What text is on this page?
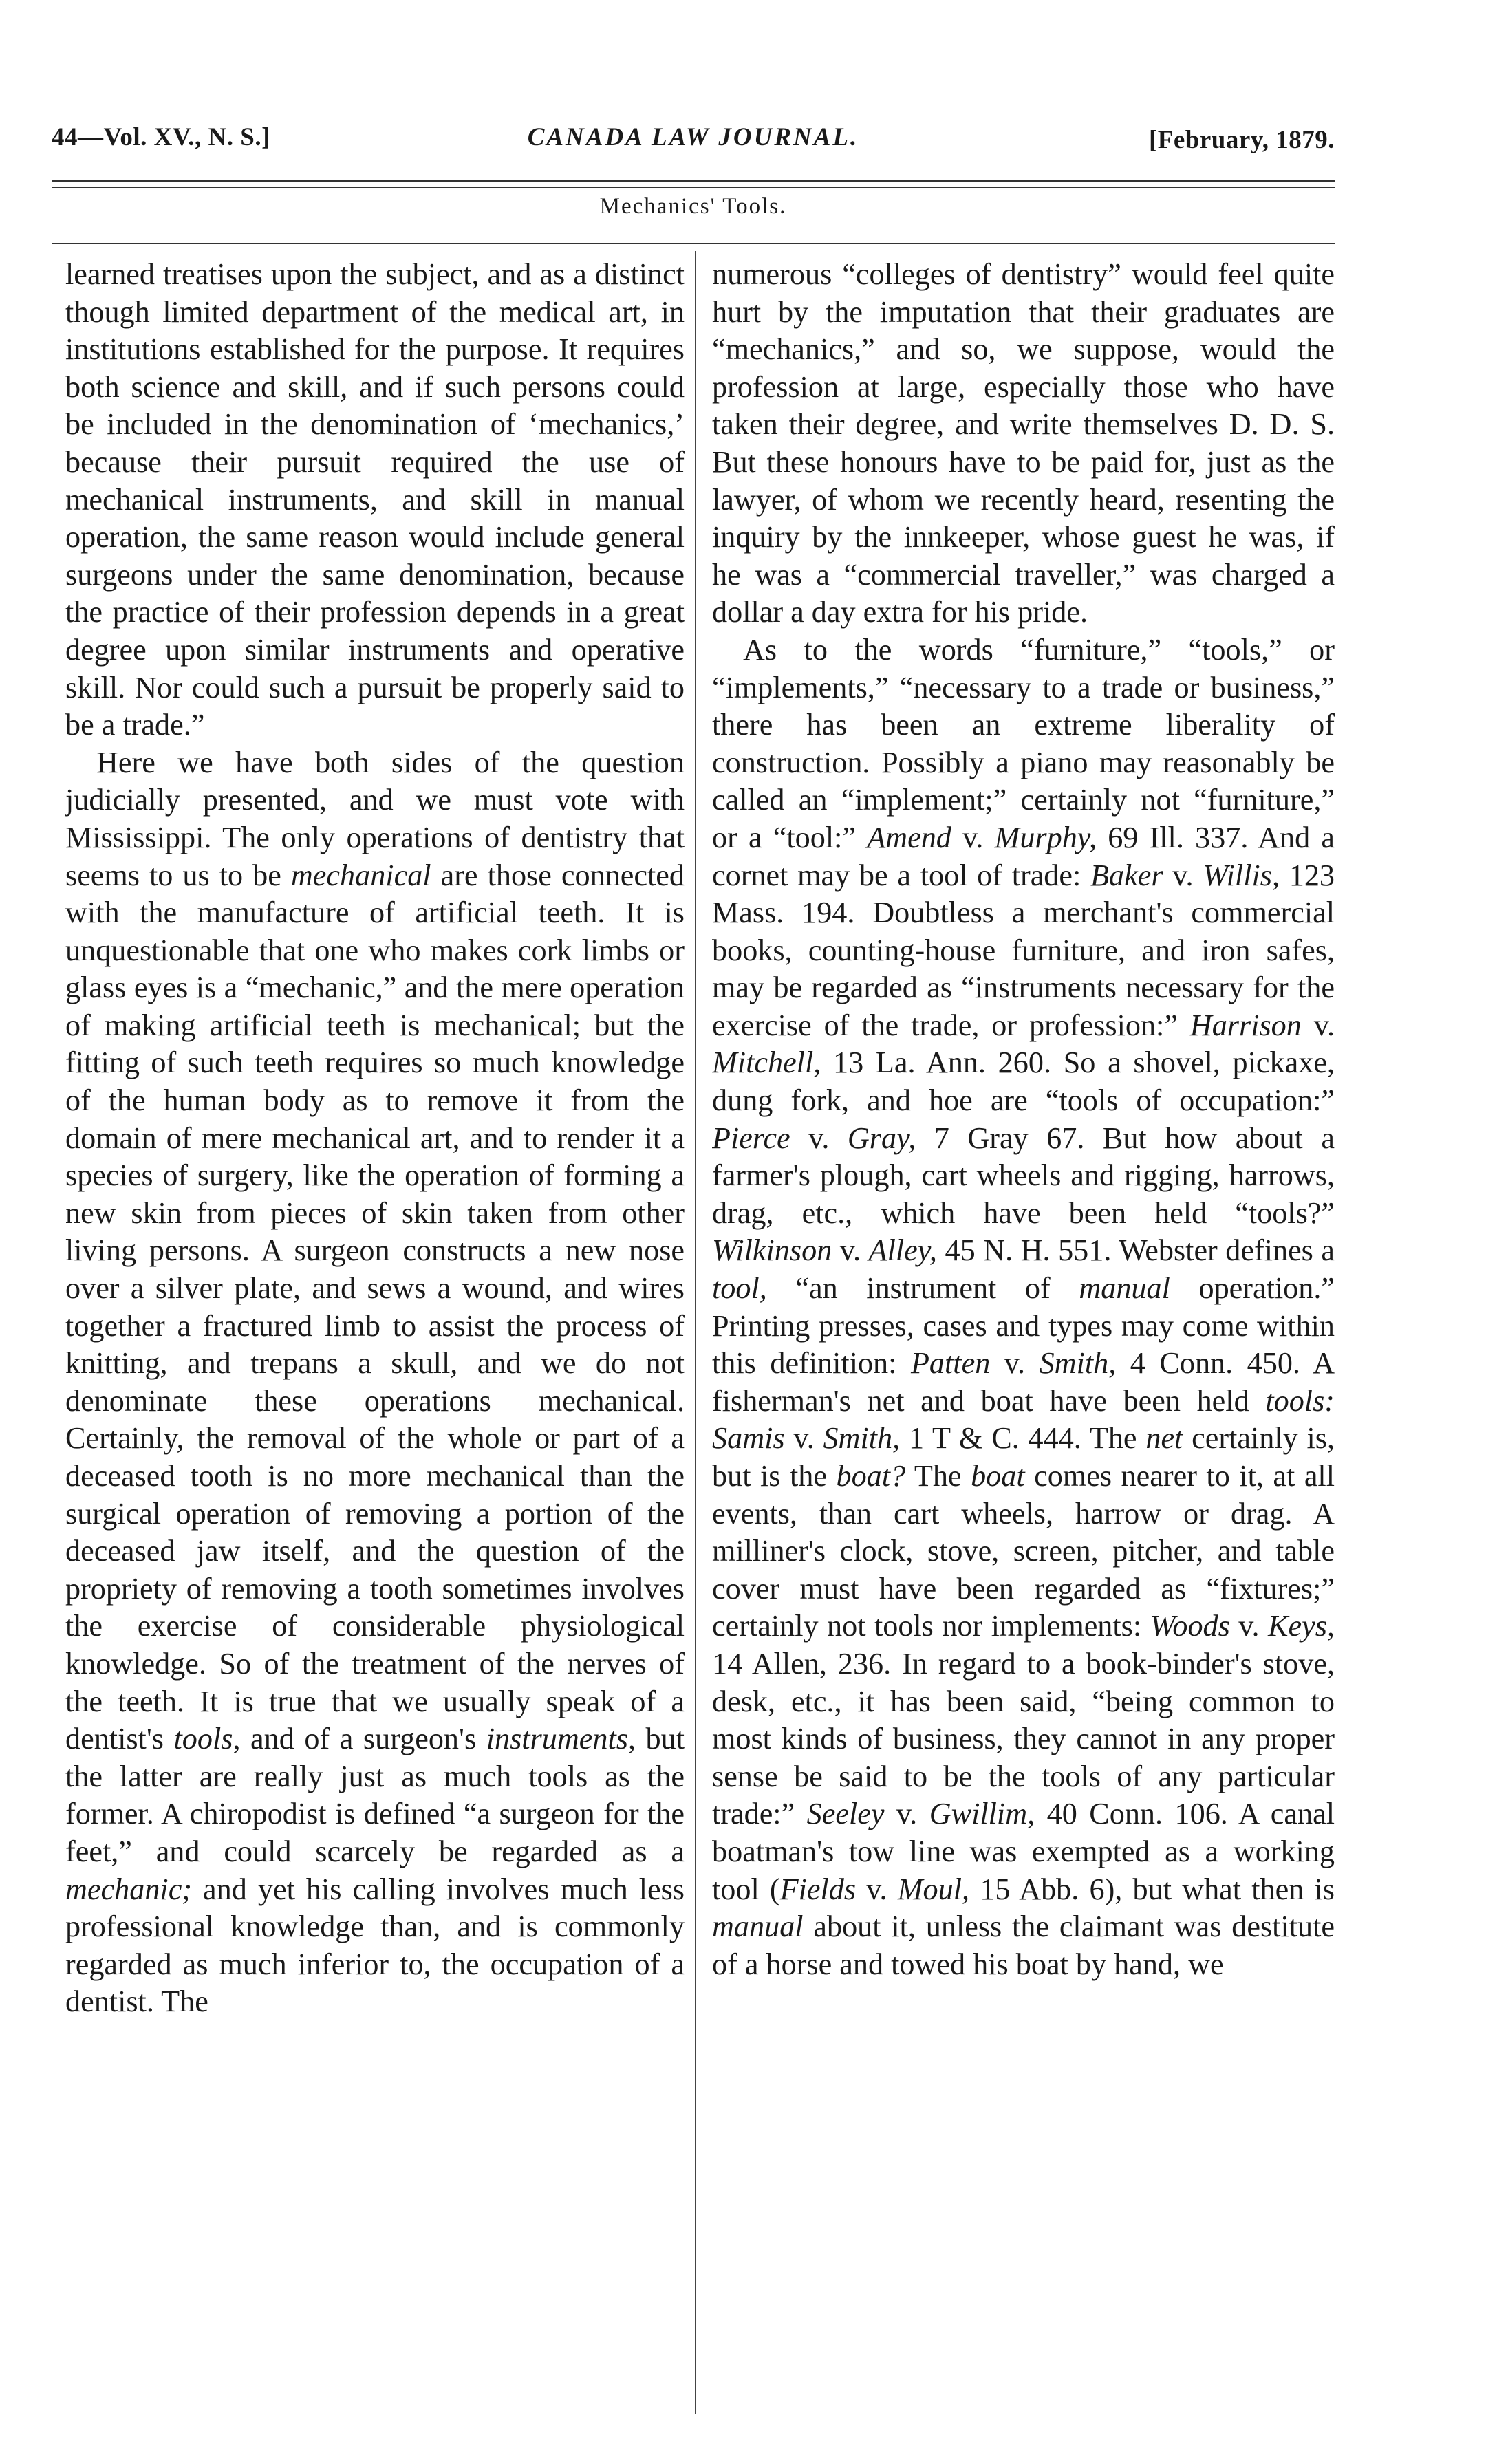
44—Vol. XV., N. S.]	CANADA LAW JOURNAL.	[February, 1879.
Mechanics' Tools.

learned treatises upon the subject, and as a distinct though limited department of the medical art, in institutions established for the purpose. It requires both science and skill, and if such persons could be included in the denomination of ‘mechanics,’ because their pursuit required the use of mechanical instruments, and skill in manual operation, the same reason would include general surgeons under the same denomination, because the practice of their profession depends in a great degree upon similar instruments and operative skill. Nor could such a pursuit be properly said to be a trade.”

Here we have both sides of the question judicially presented, and we must vote with Mississippi. The only operations of dentistry that seems to us to be mechanical are those connected with the manufacture of artificial teeth. It is unquestionable that one who makes cork limbs or glass eyes is a “mechanic,” and the mere operation of making artificial teeth is mechanical; but the fitting of such teeth requires so much knowledge of the human body as to remove it from the domain of mere mechanical art, and to render it a species of surgery, like the operation of forming a new skin from pieces of skin taken from other living persons. A surgeon constructs a new nose over a silver plate, and sews a wound, and wires together a fractured limb to assist the process of knitting, and trepans a skull, and we do not denominate these operations mechanical. Certainly, the removal of the whole or part of a deceased tooth is no more mechanical than the surgical operation of removing a portion of the deceased jaw itself, and the question of the propriety of removing a tooth sometimes involves the exercise of considerable physiological knowledge. So of the treatment of the nerves of the teeth. It is true that we usually speak of a dentist's tools, and of a surgeon's instruments, but the latter are really just as much tools as the former. A chiropodist is defined “a surgeon for the feet,” and could scarcely be regarded as a mechanic; and yet his calling involves much less professional knowledge than, and is commonly regarded as much inferior to, the occupation of a dentist. The

numerous “colleges of dentistry” would feel quite hurt by the imputation that their graduates are “mechanics,” and so, we suppose, would the profession at large, especially those who have taken their degree, and write themselves D. D. S. But these honours have to be paid for, just as the lawyer, of whom we recently heard, resenting the inquiry by the innkeeper, whose guest he was, if he was a “commercial traveller,” was charged a dollar a day extra for his pride.

As to the words “furniture,” “tools,” or “implements,” “necessary to a trade or business,” there has been an extreme liberality of construction. Possibly a piano may reasonably be called an “implement;” certainly not “furniture,” or a “tool:” Amend v. Murphy, 69 Ill. 337. And a cornet may be a tool of trade: Baker v. Willis, 123 Mass. 194. Doubtless a merchant's commercial books, counting-house furniture, and iron safes, may be regarded as “instruments necessary for the exercise of the trade, or profession:” Harrison v. Mitchell, 13 La. Ann. 260. So a shovel, pickaxe, dung fork, and hoe are “tools of occupation:” Pierce v. Gray, 7 Gray 67. But how about a farmer's plough, cart wheels and rigging, harrows, drag, etc., which have been held “tools?” Wilkinson v. Alley, 45 N. H. 551. Webster defines a tool, “an instrument of manual operation.” Printing presses, cases and types may come within this definition: Patten v. Smith, 4 Conn. 450. A fisherman's net and boat have been held tools: Samis v. Smith, 1 T & C. 444. The net certainly is, but is the boat? The boat comes nearer to it, at all events, than cart wheels, harrow or drag. A milliner's clock, stove, screen, pitcher, and table cover must have been regarded as “fixtures;” certainly not tools nor implements: Woods v. Keys, 14 Allen, 236. In regard to a book-binder's stove, desk, etc., it has been said, “being common to most kinds of business, they cannot in any proper sense be said to be the tools of any particular trade:” Seeley v. Gwillim, 40 Conn. 106. A canal boatman's tow line was exempted as a working tool (Fields v. Moul, 15 Abb. 6), but what then is manual about it, unless the claimant was destitute of a horse and towed his boat by hand, we
